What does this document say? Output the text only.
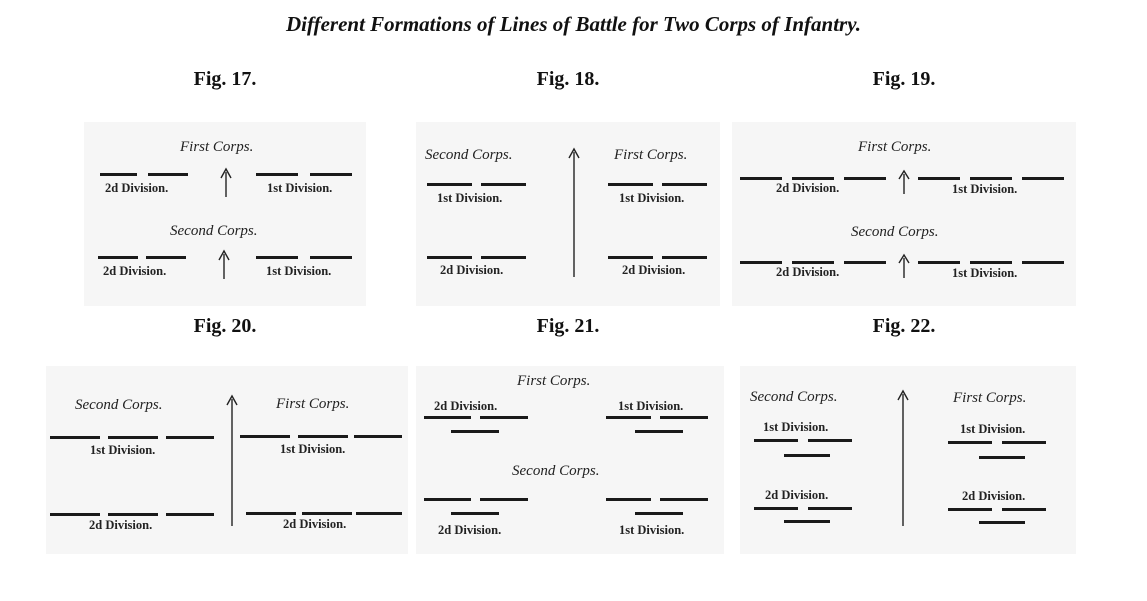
Different Formations of Lines of Battle for Two Corps of Infantry.
Fig. 17.	Fig. 18.	Fig. 19.
Fig. 20.	Fig. 21.	Fig. 22.
First Corps.
2d Division.	1st Division.
Second Corps.
2d Division.	1st Division.
Second Corps.	First Corps.
1st Division.	1st Division.
2d Division.	2d Division.
First Corps.
2d Division.	1st Division.
Second Corps.
2d Division.	1st Division.
Second Corps.	First Corps.
1st Division.	1st Division.
2d Division.	2d Division.
First Corps.
2d Division.	1st Division.
Second Corps.
2d Division.	1st Division.
Second Corps.	First Corps.
1st Division.	1st Division.
2d Division.	2d Division.
